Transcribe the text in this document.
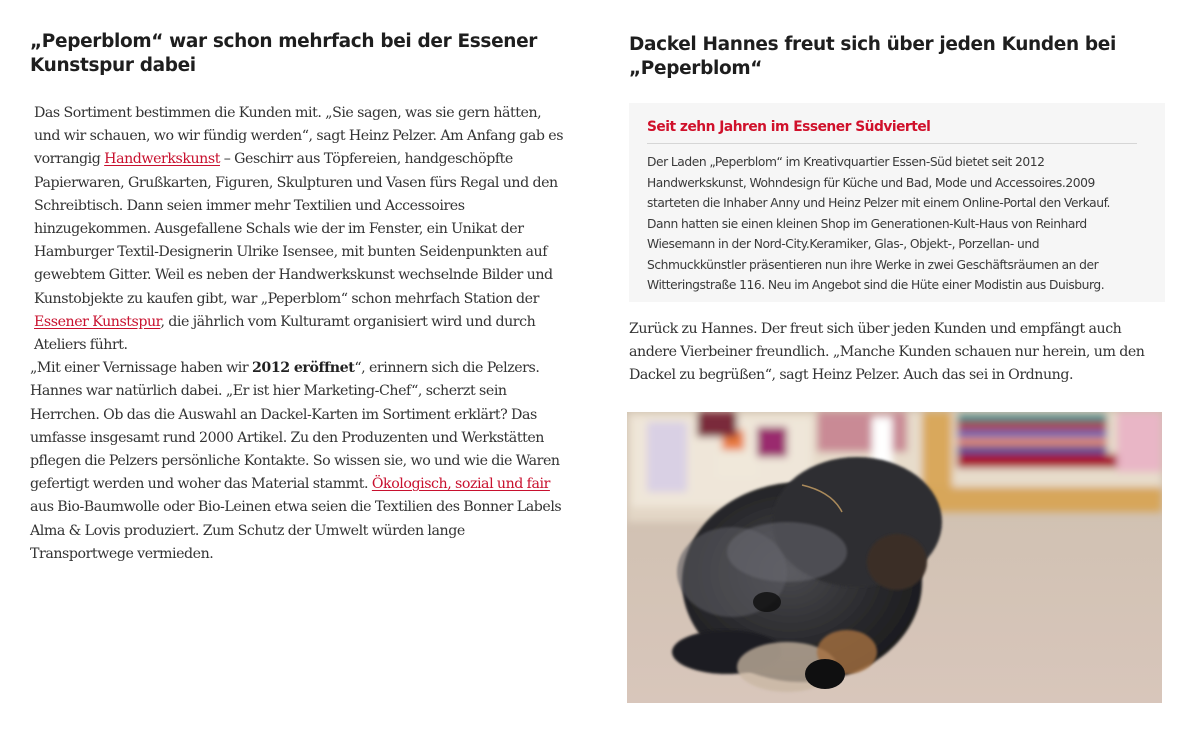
„Peperblom“ war schon mehrfach bei der Essener Kunstspur dabei

Das Sortiment bestimmen die Kunden mit. „Sie sagen, was sie gern hätten, und wir schauen, wo wir fündig werden“, sagt Heinz Pelzer. Am Anfang gab es vorrangig Handwerkskunst – Geschirr aus Töpfereien, handgeschöpfte Papierwaren, Grußkarten, Figuren, Skulpturen und Vasen fürs Regal und den Schreibtisch. Dann seien immer mehr Textilien und Accessoires hinzugekommen. Ausgefallene Schals wie der im Fenster, ein Unikat der Hamburger Textil-Designerin Ulrike Isensee, mit bunten Seidenpunkten auf gewebtem Gitter. Weil es neben der Handwerkskunst wechselnde Bilder und Kunstobjekte zu kaufen gibt, war „Peperblom“ schon mehrfach Station der Essener Kunstspur, die jährlich vom Kulturamt organisiert wird und durch Ateliers führt.

„Mit einer Vernissage haben wir 2012 eröffnet“, erinnern sich die Pelzers. Hannes war natürlich dabei. „Er ist hier Marketing-Chef“, scherzt sein Herrchen. Ob das die Auswahl an Dackel-Karten im Sortiment erklärt? Das umfasse insgesamt rund 2000 Artikel. Zu den Produzenten und Werkstätten pflegen die Pelzers persönliche Kontakte. So wissen sie, wo und wie die Waren gefertigt werden und woher das Material stammt. Ökologisch, sozial und fair aus Bio-Baumwolle oder Bio-Leinen etwa seien die Textilien des Bonner Labels Alma & Lovis produziert. Zum Schutz der Umwelt würden lange Transportwege vermieden.

Dackel Hannes freut sich über jeden Kunden bei „Peperblom“
Seit zehn Jahren im Essener Südviertel

Der Laden „Peperblom“ im Kreativquartier Essen-Süd bietet seit 2012 Handwerkskunst, Wohndesign für Küche und Bad, Mode und Accessoires.2009 starteten die Inhaber Anny und Heinz Pelzer mit einem Online-Portal den Verkauf. Dann hatten sie einen kleinen Shop im Generationen-Kult-Haus von Reinhard Wiesemann in der Nord-City.Keramiker, Glas-, Objekt-, Porzellan- und Schmuckkünstler präsentieren nun ihre Werke in zwei Geschäftsräumen an der Witteringstraße 116. Neu im Angebot sind die Hüte einer Modistin aus Duisburg.

Zurück zu Hannes. Der freut sich über jeden Kunden und empfängt auch andere Vierbeiner freundlich. „Manche Kunden schauen nur herein, um den Dackel zu begrüßen“, sagt Heinz Pelzer. Auch das sei in Ordnung.
